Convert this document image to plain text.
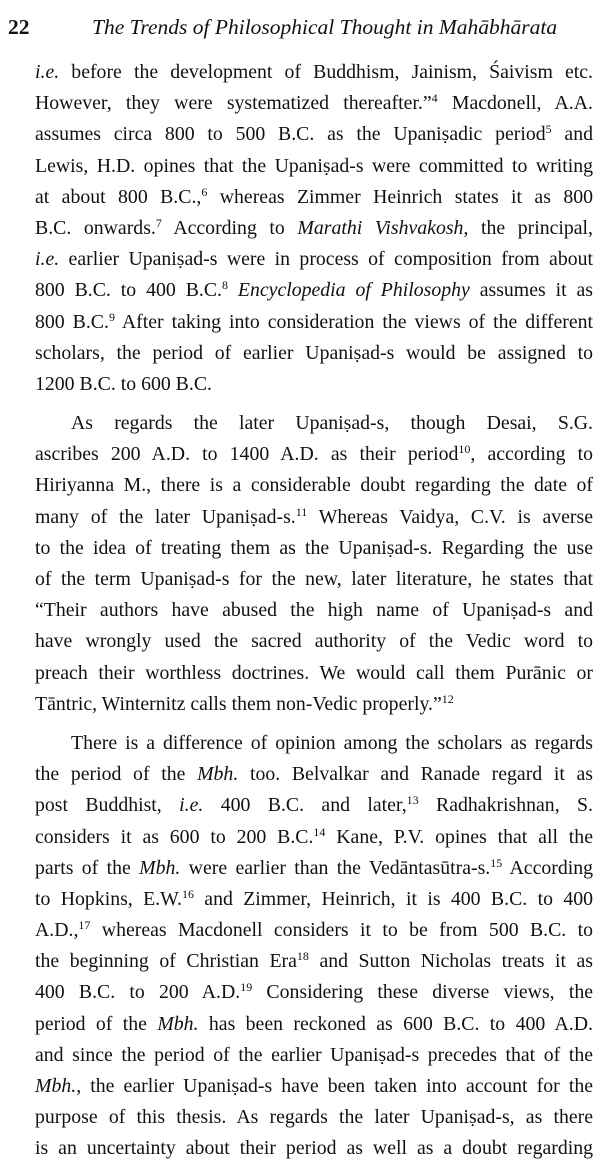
22	The Trends of Philosophical Thought in Mahābhārata
i.e. before the development of Buddhism, Jainism, Śaivism etc.
However, they were systematized thereafter.”$^4$ Macdonell, A.A.
assumes circa 800 to 500 B.C. as the Upaniṣadic period$^5$ and
Lewis, H.D. opines that the Upaniṣad-s were committed to writing
at about 800 B.C.,$^6$ whereas Zimmer Heinrich states it as 800
B.C. onwards.$^7$ According to Marathi Vishvakosh, the principal,
i.e. earlier Upaniṣad-s were in process of composition from about
800 B.C. to 400 B.C.$^8$ Encyclopedia of Philosophy assumes it as
800 B.C.$^9$ After taking into consideration the views of the different
scholars, the period of earlier Upaniṣad-s would be assigned to
1200 B.C. to 600 B.C.
As regards the later Upaniṣad-s, though Desai, S.G.
ascribes 200 A.D. to 1400 A.D. as their period$^{10}$, according to
Hiriyanna M., there is a considerable doubt regarding the date of
many of the later Upaniṣad-s.$^{11}$ Whereas Vaidya, C.V. is averse
to the idea of treating them as the Upaniṣad-s. Regarding the use
of the term Upaniṣad-s for the new, later literature, he states that
“Their authors have abused the high name of Upaniṣad-s and
have wrongly used the sacred authority of the Vedic word to
preach their worthless doctrines. We would call them Purānic or
Tāntric, Winternitz calls them non-Vedic properly.”$^{12}$
There is a difference of opinion among the scholars as regards
the period of the Mbh. too. Belvalkar and Ranade regard it as
post Buddhist, i.e. 400 B.C. and later,$^{13}$ Radhakrishnan, S.
considers it as 600 to 200 B.C.$^{14}$ Kane, P.V. opines that all the
parts of the Mbh. were earlier than the Vedāntasūtra-s.$^{15}$ According
to Hopkins, E.W.$^{16}$ and Zimmer, Heinrich, it is 400 B.C. to 400
A.D.,$^{17}$ whereas Macdonell considers it to be from 500 B.C. to
the beginning of Christian Era$^{18}$ and Sutton Nicholas treats it as
400 B.C. to 200 A.D.$^{19}$ Considering these diverse views, the
period of the Mbh. has been reckoned as 600 B.C. to 400 A.D.
and since the period of the earlier Upaniṣad-s precedes that of the
Mbh., the earlier Upaniṣad-s have been taken into account for the
purpose of this thesis. As regards the later Upaniṣad-s, as there
is an uncertainty about their period as well as a doubt regarding
